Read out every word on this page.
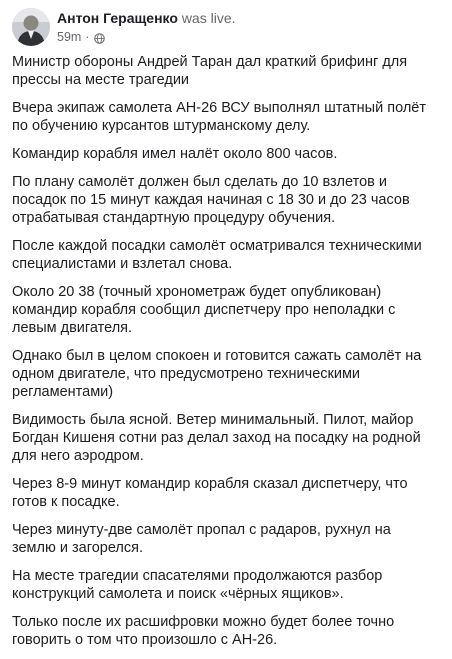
Антон Геращенко was live.
59m ·

Министр обороны Андрей Таран дал краткий брифинг для
прессы на месте трагедии

Вчера экипаж самолета АН-26 ВСУ выполнял штатный полёт
по обучению курсантов штурманскому делу.

Командир корабля имел налёт около 800 часов.

По плану самолёт должен был сделать до 10 взлетов и
посадок по 15 минут каждая начиная с 18 30 и до 23 часов
отрабатывая стандартную процедуру обучения.

После каждой посадки самолёт осматривался техническими
специалистами и взлетал снова.

Около 20 38 (точный хронометраж будет опубликован)
командир корабля сообщил диспетчеру про неполадки с
левым двигателя.

Однако был в целом спокоен и готовится сажать самолёт на
одном двигателе, что предусмотрено техническими
регламентами)

Видимость была ясной. Ветер минимальный. Пилот, майор
Богдан Кишеня сотни раз делал заход на посадку на родной
для него аэродром.

Через 8-9 минут командир корабля сказал диспетчеру, что
готов к посадке.

Через минуту-две самолёт пропал с радаров, рухнул на
землю и загорелся.

На месте трагедии спасателями продолжаются разбор
конструкций самолета и поиск «чёрных ящиков».

Только после их расшифровки можно будет более точно
говорить о том что произошло с АН-26.
